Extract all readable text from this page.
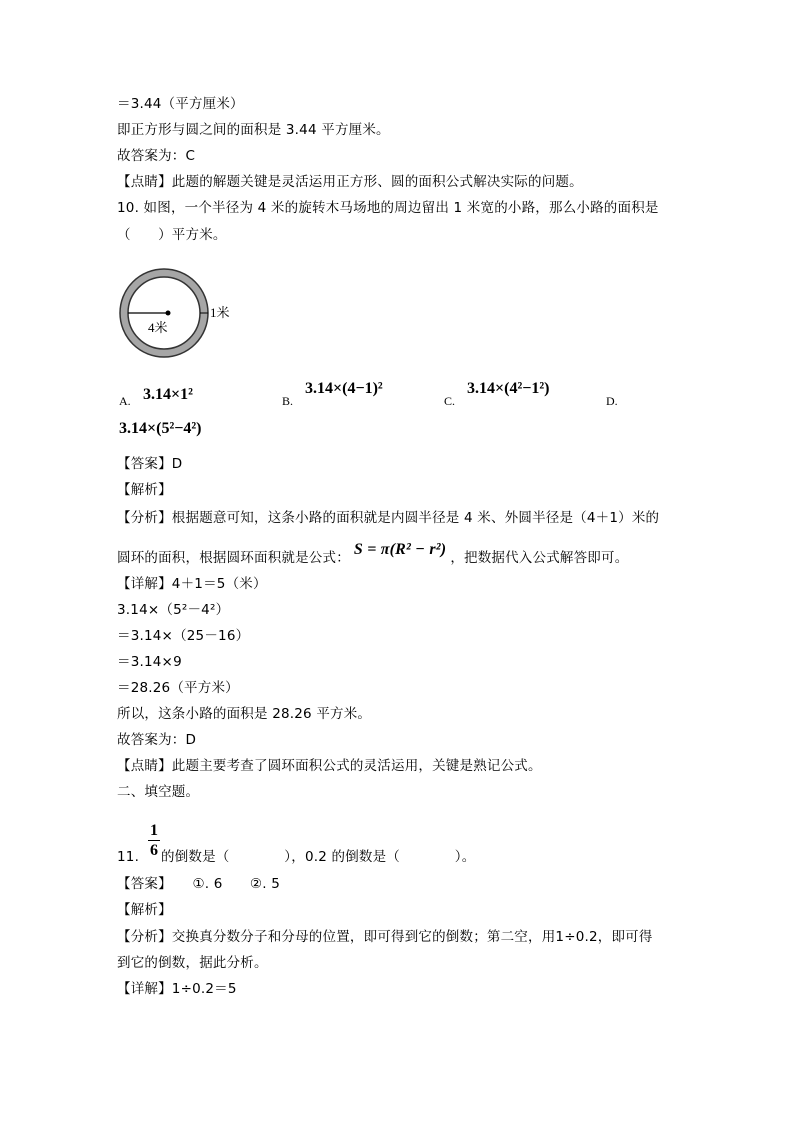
＝3.44（平方厘米）
即正方形与圆之间的面积是 3.44 平方厘米。
故答案为：C
【点睛】此题的解题关键是灵活运用正方形、圆的面积公式解决实际的问题。
10. 如图，一个半径为 4 米的旋转木马场地的周边留出 1 米宽的小路，那么小路的面积是
（　　）平方米。
4米
1米
A. 3.14×1²	B.
3.14×(4−1)²
C.
3.14×(4²−1²)
D.
3.14×(5²−4²)
【答案】D
【解析】
【分析】根据题意可知，这条小路的面积就是内圆半径是 4 米、外圆半径是（4＋1）米的
圆环的面积，根据圆环面积就是公式： S = π(R² − r²) ，把数据代入公式解答即可。
【详解】4＋1＝5（米）
3.14×（5²－4²）
＝3.14×（25－16）
＝3.14×9
＝28.26（平方米）
所以，这条小路的面积是 28.26 平方米。
故答案为：D
【点睛】此题主要考查了圆环面积公式的灵活运用，关键是熟记公式。
二、填空题。
1
6
11. 的倒数是（　　　　），0.2 的倒数是（　　　　）。
【答案】　　①. 6　　②. 5
【解析】
【分析】交换真分数分子和分母的位置，即可得到它的倒数；第二空，用1÷0.2，即可得
到它的倒数，据此分析。
【详解】1÷0.2＝5
